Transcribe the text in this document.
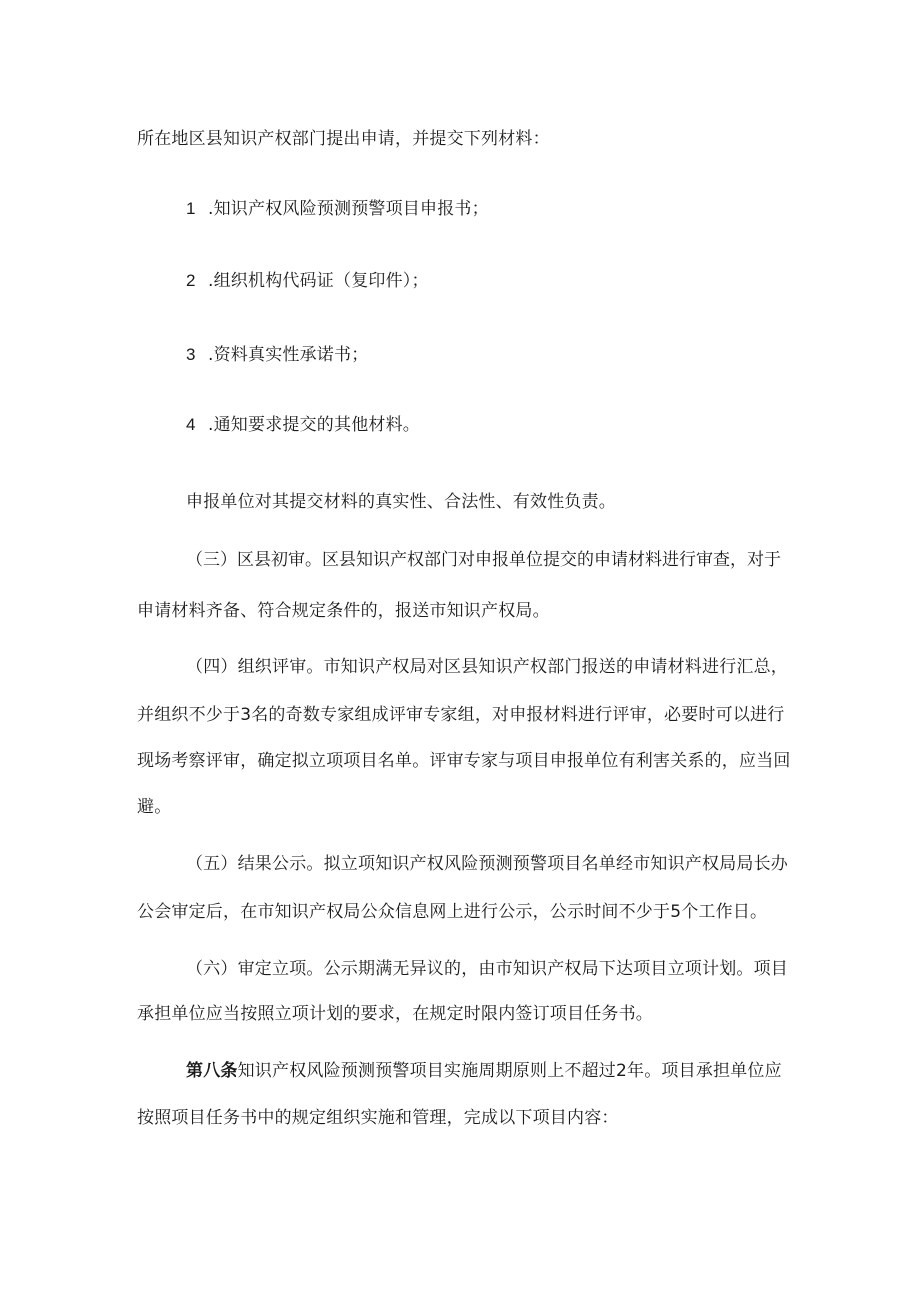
所在地区县知识产权部门提出申请，并提交下列材料：
1 .知识产权风险预测预警项目申报书；
2 .组织机构代码证（复印件）；
3 .资料真实性承诺书；
4 .通知要求提交的其他材料。
申报单位对其提交材料的真实性、合法性、有效性负责。
（三）区县初审。区县知识产权部门对申报单位提交的申请材料进行审查，对于
申请材料齐备、符合规定条件的，报送市知识产权局。
（四）组织评审。市知识产权局对区县知识产权部门报送的申请材料进行汇总，
并组织不少于3名的奇数专家组成评审专家组，对申报材料进行评审，必要时可以进行
现场考察评审，确定拟立项项目名单。评审专家与项目申报单位有利害关系的，应当回
避。
（五）结果公示。拟立项知识产权风险预测预警项目名单经市知识产权局局长办
公会审定后，在市知识产权局公众信息网上进行公示，公示时间不少于5个工作日。
（六）审定立项。公示期满无异议的，由市知识产权局下达项目立项计划。项目
承担单位应当按照立项计划的要求，在规定时限内签订项目任务书。
第八条知识产权风险预测预警项目实施周期原则上不超过2年。项目承担单位应
按照项目任务书中的规定组织实施和管理，完成以下项目内容：
